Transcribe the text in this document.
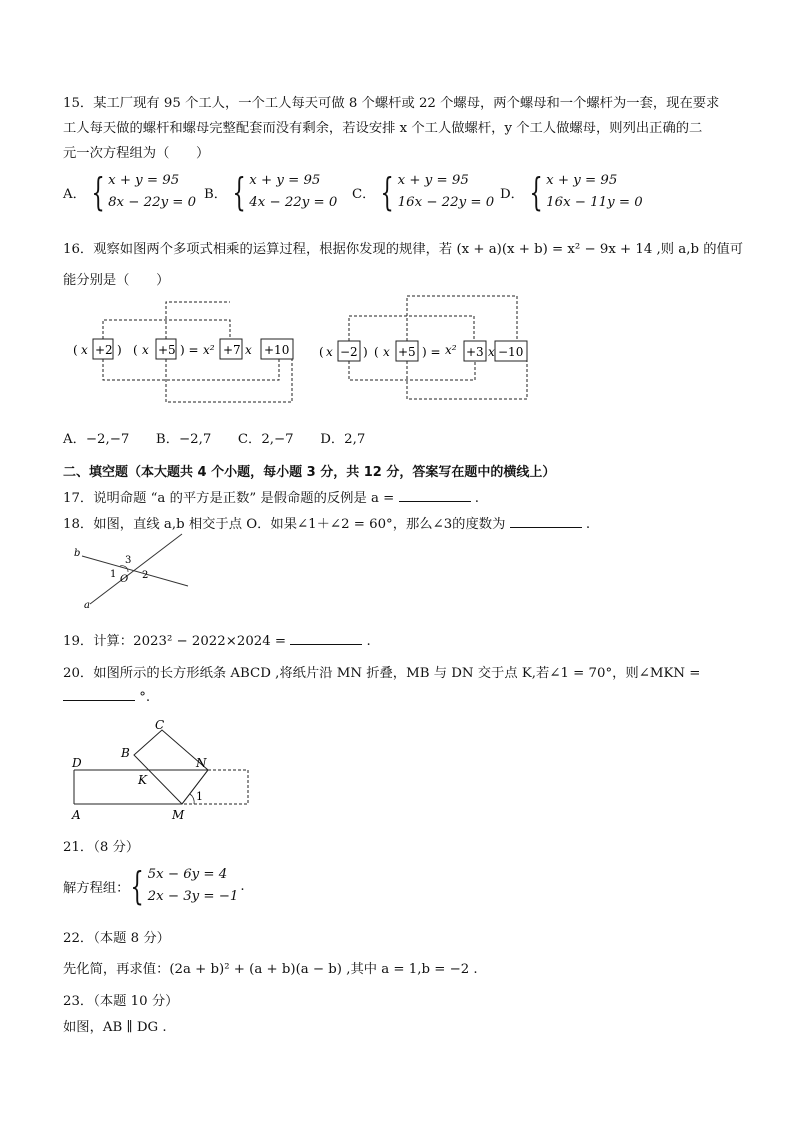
15．某工厂现有 95 个工人，一个工人每天可做 8 个螺杆或 22 个螺母，两个螺母和一个螺杆为一套，现在要求
工人每天做的螺杆和螺母完整配套而没有剩余，若设安排 x 个工人做螺杆，y 个工人做螺母，则列出正确的二
元一次方程组为（　　）
A． { x + y = 95
8x − 22y = 0
B． { x + y = 95
4x − 22y = 0
C． { x + y = 95
16x − 22y = 0
D． { x + y = 95
16x − 11y = 0
16．观察如图两个多项式相乘的运算过程，根据你发现的规律，若 (x + a)(x + b) = x² − 9x + 14 ,则 a,b 的值可
能分别是（　　）
( x +2 ) ( x +5 ) = x² +7 x +10 ( x −2 ) ( x +5 ) = x² +3 x −10
A．−2,−7　　B．−2,7　　C．2,−7　　D．2,7
二、填空题（本大题共 4 个小题，每小题 3 分，共 12 分，答案写在题中的横线上）
17．说明命题 “a 的平方是正数” 是假命题的反例是 a =	.
18．如图，直线 a,b 相交于点 O．如果∠1＋∠2 = 60°，那么∠3的度数为	.
b
a
1	2
3
O
19．计算：2023² − 2022×2024 =	.
20．如图所示的长方形纸条 ABCD ,将纸片沿 MN 折叠，MB 与 DN 交于点 K,若∠1 = 70°，则∠MKN =
°.
C
B
D	N
K
A	M
1
21．（8 分）
解方程组： { 5x − 6y = 4
2x − 3y = −1
.
22．（本题 8 分）
先化简，再求值：(2a + b)² + (a + b)(a − b) ,其中 a = 1,b = −2 .
23．（本题 10 分）
如图，AB ∥ DG .
